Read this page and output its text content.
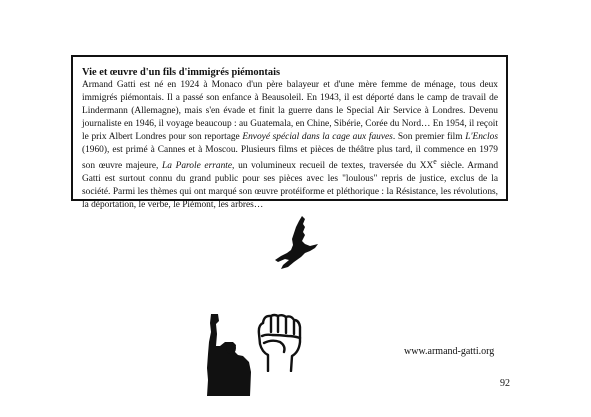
Vie et œuvre d'un fils d'immigrés piémontais

Armand Gatti est né en 1924 à Monaco d'un père balayeur et d'une mère femme de ménage, tous deux immigrés piémontais. Il a passé son enfance à Beausoleil. En 1943, il est déporté dans le camp de travail de Lindermann (Allemagne), mais s'en évade et finit la guerre dans le Special Air Service à Londres. Devenu journaliste en 1946, il voyage beaucoup : au Guatemala, en Chine, Sibérie, Corée du Nord… En 1954, il reçoit le prix Albert Londres pour son reportage Envoyé spécial dans la cage aux fauves. Son premier film L'Enclos (1960), est primé à Cannes et à Moscou. Plusieurs films et pièces de théâtre plus tard, il commence en 1979 son œuvre majeure, La Parole errante, un volumineux recueil de textes, traversée du XXe siècle. Armand Gatti est surtout connu du grand public pour ses pièces avec les "loulous" repris de justice, exclus de la société. Parmi les thèmes qui ont marqué son œuvre protéiforme et pléthorique : la Résistance, les révolutions, la déportation, le verbe, le Piémont, les arbres…

www.armand-gatti.org
92
